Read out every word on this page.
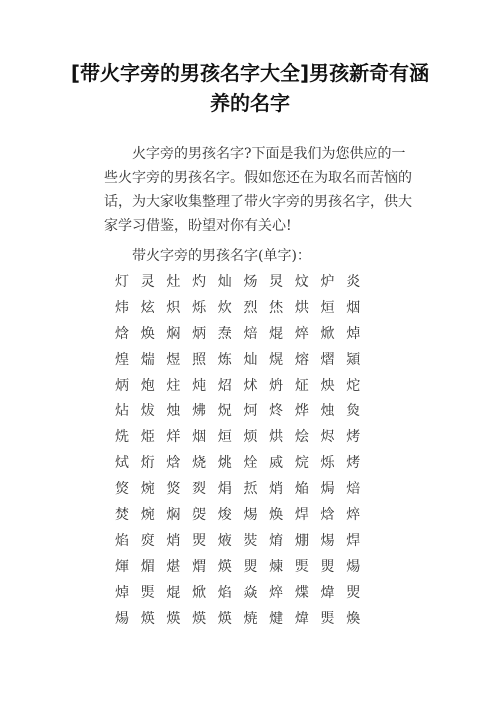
[带火字旁的男孩名字大全]男孩新奇有涵养的名字
火字旁的男孩名字?下面是我们为您供应的一些火字旁的男孩名字。假如您还在为取名而苦恼的话，为大家收集整理了带火字旁的男孩名字，供大家学习借鉴，盼望对你有关心!
带火字旁的男孩名字(单字)：
灯 灵 灶 灼 灿 炀 炅 炆 炉 炎
炜 炫 炽 烁 炊 烈 烋 烘 烜 烟
焓 焕 焖 炳 焘 焙 焜 焠 焮 焯
煌 煓 煜 照 炼 灿 熀 熔 熠 熲
炳 炮 炷 炖 炤 炢 炿 炡 炴 炨
炶 炦 烛 炥 炾 炣 炵 烨 烛 烉
烍 烥 烊 烟 烜 烦 烘 烩 烬 烤
烒 烆 焓 烧 烑 烇 烕 烷 烁 烤
焂 焥 焂 烮 焆 焎 焇 焔 焗 焙
焚 焥 焖 焈 焌 焬 焕 焊 焓 焠
焰 焤 焇 焸 焲 焋 焴 焩 焬 焊
煇 煝 煁 煟 煐 煛 煉 煚 煛 煬
焯 煚 焜 焮 焰 焱 焠 煠 煒 焸
煬 煐 煐 煐 煐 焼 煡 煒 煚 煥
